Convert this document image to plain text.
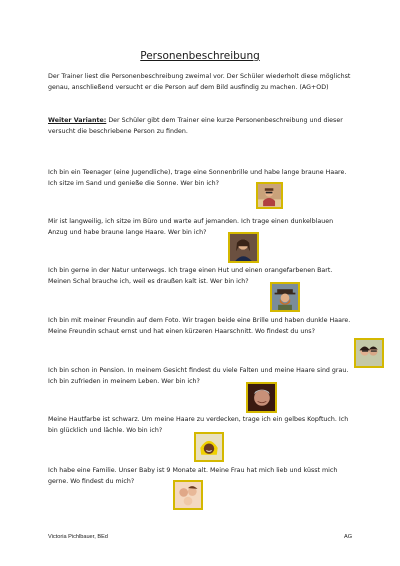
Personenbeschreibung
Der Trainer liest die Personenbeschreibung zweimal vor. Der Schüler wiederholt diese möglichst genau, anschließend versucht er die Person auf dem Bild ausfindig zu machen. (AG+OD)
Weiter Variante: Der Schüler gibt dem Trainer eine kurze Personenbeschreibung und dieser versucht die beschriebene Person zu finden.
Ich bin ein Teenager (eine Jugendliche), trage eine Sonnenbrille und habe lange braune Haare. Ich sitze im Sand und genieße die Sonne. Wer bin ich?
Mir ist langweilig, ich sitze im Büro und warte auf jemanden. Ich trage einen dunkelblauen Anzug und habe braune lange Haare. Wer bin ich?
Ich bin gerne in der Natur unterwegs. Ich trage einen Hut und einen orangefarbenen Bart. Meinen Schal brauche ich, weil es draußen kalt ist. Wer bin ich?
Ich bin mit meiner Freundin auf dem Foto. Wir tragen beide eine Brille und haben dunkle Haare. Meine Freundin schaut ernst und hat einen kürzeren Haarschnitt. Wo findest du uns?
Ich bin schon in Pension. In meinem Gesicht findest du viele Falten und meine Haare sind grau. Ich bin zufrieden in meinem Leben. Wer bin ich?
Meine Hautfarbe ist schwarz. Um meine Haare zu verdecken, trage ich ein gelbes Kopftuch. Ich bin glücklich und lächle. Wo bin ich?
Ich habe eine Familie. Unser Baby ist 9 Monate alt. Meine Frau hat mich lieb und küsst mich gerne. Wo findest du mich?
Victoria Pichlbauer, BEd	AG
